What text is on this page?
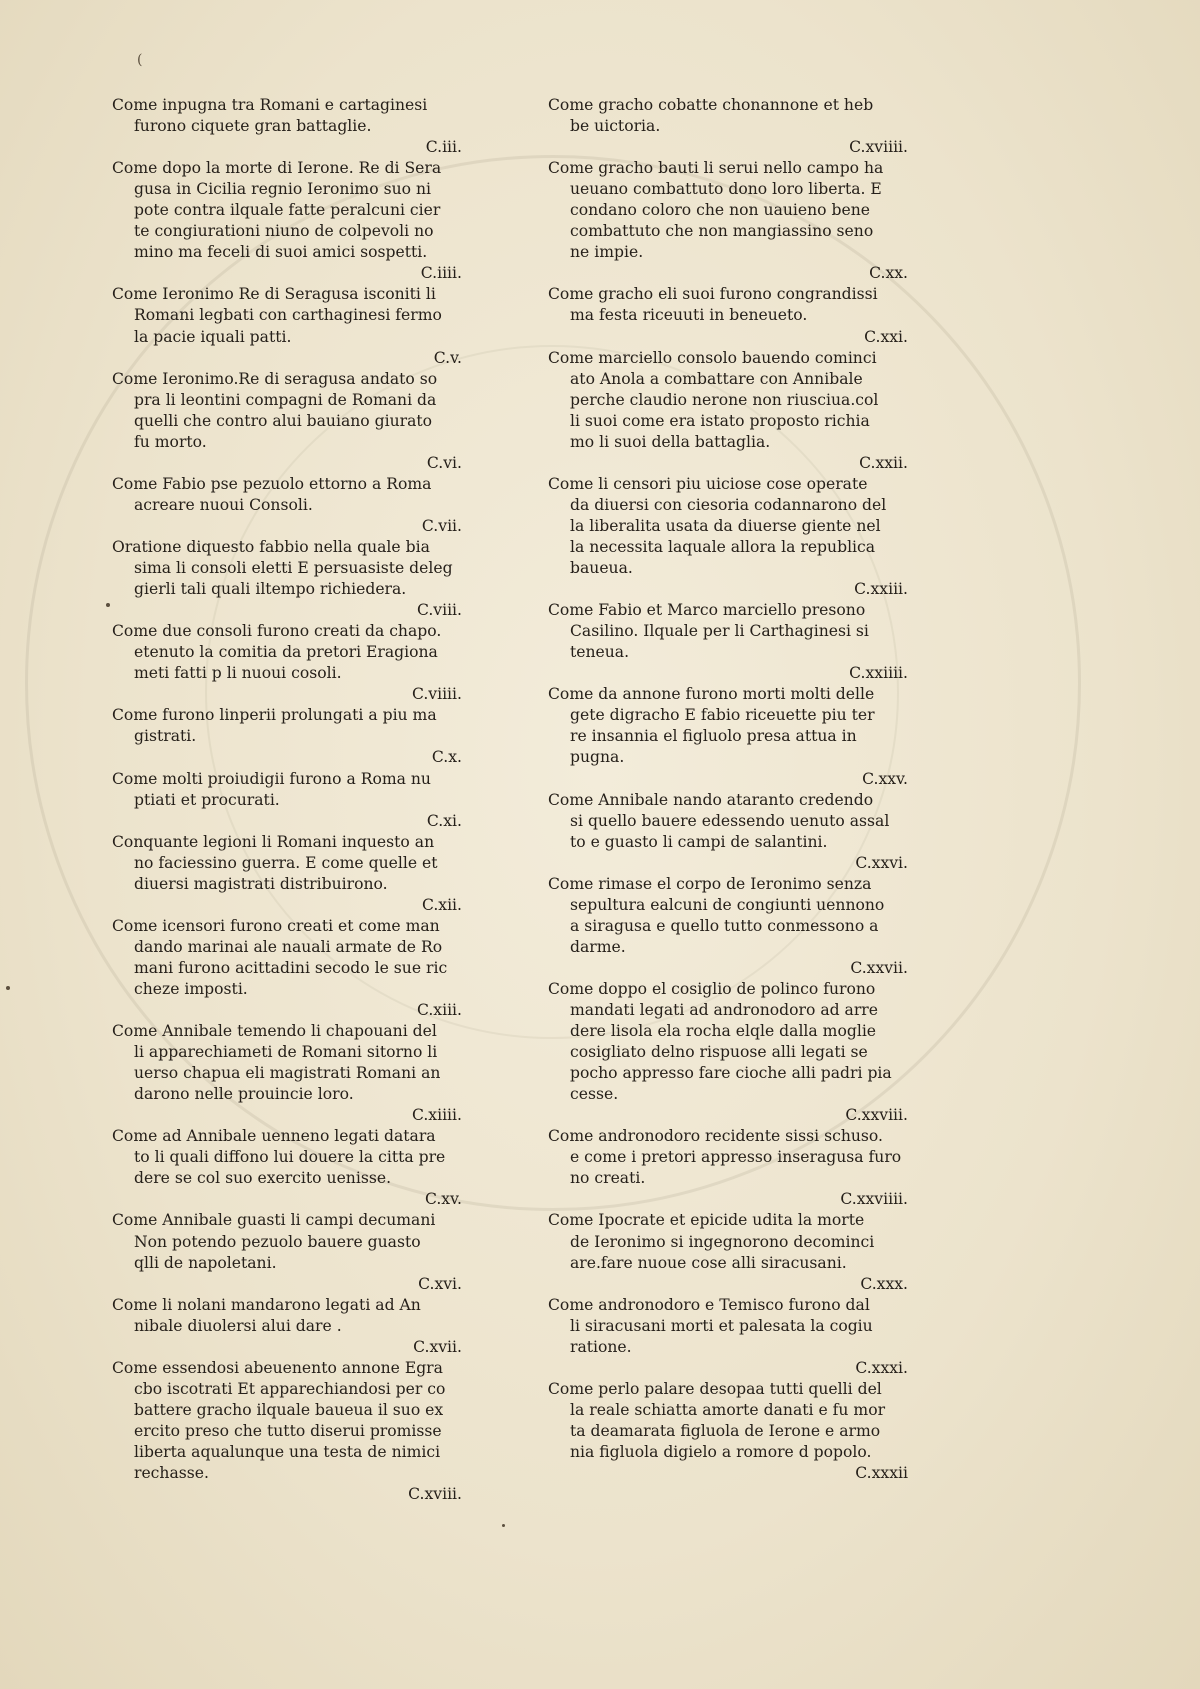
(
Come inpugna tra Romani e cartaginesi
furono ciquete gran battaglie.
C.iii.
Come dopo la morte di Ierone. Re di Sera
gusa in Cicilia regnio Ieronimo suo ni
pote contra ilquale fatte peralcuni cier
te congiurationi niuno de colpevoli no
mino ma feceli di suoi amici sospetti.
C.iiii.
Come Ieronimo Re di Seragusa isconiti li
Romani legbati con carthaginesi fermo
la pacie iquali patti.
C.v.
Come Ieronimo.Re di seragusa andato so
pra li leontini compagni de Romani da
quelli che contro alui bauiano giurato
fu morto.
C.vi.
Come Fabio pse pezuolo ettorno a Roma
acreare nuoui Consoli.
C.vii.
Oratione diquesto fabbio nella quale bia
sima li consoli eletti E persuasiste deleg
gierli tali quali iltempo richiedera.
C.viii.
Come due consoli furono creati da chapo.
etenuto la comitia da pretori Eragiona
meti fatti p li nuoui cosoli.
C.viiii.
Come furono linperii prolungati a piu ma
gistrati.
C.x.
Come molti proiudigii furono a Roma nu
ptiati et procurati.
C.xi.
Conquante legioni li Romani inquesto an
no faciessino guerra. E come quelle et
diuersi magistrati distribuirono.
C.xii.
Come icensori furono creati et come man
dando marinai ale nauali armate de Ro
mani furono acittadini secodo le sue ric
cheze imposti.
C.xiii.
Come Annibale temendo li chapouani del
li apparechiameti de Romani sitorno li
uerso chapua eli magistrati Romani an
darono nelle prouincie loro.
C.xiiii.
Come ad Annibale uenneno legati datara
to li quali diffono lui douere la citta pre
dere se col suo exercito uenisse.
C.xv.
Come Annibale guasti li campi decumani
Non potendo pezuolo bauere guasto
qlli de napoletani.
C.xvi.
Come li nolani mandarono legati ad An
nibale diuolersi alui dare .
C.xvii.
Come essendosi abeuenento annone Egra
cbo iscotrati Et apparechiandosi per co
battere gracho ilquale baueua il suo ex
ercito preso che tutto diserui promisse
liberta aqualunque una testa de nimici
rechasse.
C.xviii.
Come gracho cobatte chonannone et heb
be uictoria.
C.xviiii.
Come gracho bauti li serui nello campo ha
ueuano combattuto dono loro liberta. E
condano coloro che non uauieno bene
combattuto che non mangiassino seno
ne impie.
C.xx.
Come gracho eli suoi furono congrandissi
ma festa riceuuti in beneueto.
C.xxi.
Come marciello consolo bauendo cominci
ato Anola a combattare con Annibale
perche claudio nerone non riusciua.col
li suoi come era istato proposto richia
mo li suoi della battaglia.
C.xxii.
Come li censori piu uiciose cose operate
da diuersi con ciesoria codannarono del
la liberalita usata da diuerse giente nel
la necessita laquale allora la republica
baueua.
C.xxiii.
Come Fabio et Marco marciello presono
Casilino. Ilquale per li Carthaginesi si
teneua.
C.xxiiii.
Come da annone furono morti molti delle
gete digracho E fabio riceuette piu ter
re insannia el figluolo presa attua in
pugna.
C.xxv.
Come Annibale nando ataranto credendo
si quello bauere edessendo uenuto assal
to e guasto li campi de salantini.
C.xxvi.
Come rimase el corpo de Ieronimo senza
sepultura ealcuni de congiunti uennono
a siragusa e quello tutto conmessono a
darme.
C.xxvii.
Come doppo el cosiglio de polinco furono
mandati legati ad andronodoro ad arre
dere lisola ela rocha elqle dalla moglie
cosigliato delno rispuose alli legati se
pocho appresso fare cioche alli padri pia
cesse.
C.xxviii.
Come andronodoro recidente sissi schuso.
e come i pretori appresso inseragusa furo
no creati.
C.xxviiii.
Come Ipocrate et epicide udita la morte
de Ieronimo si ingegnorono decominci
are.fare nuoue cose alli siracusani.
C.xxx.
Come andronodoro e Temisco furono dal
li siracusani morti et palesata la cogiu
ratione.
C.xxxi.
Come perlo palare desopaa tutti quelli del
la reale schiatta amorte danati e fu mor
ta deamarata figluola de Ierone e armo
nia figluola digielo a romore d popolo.
C.xxxii
